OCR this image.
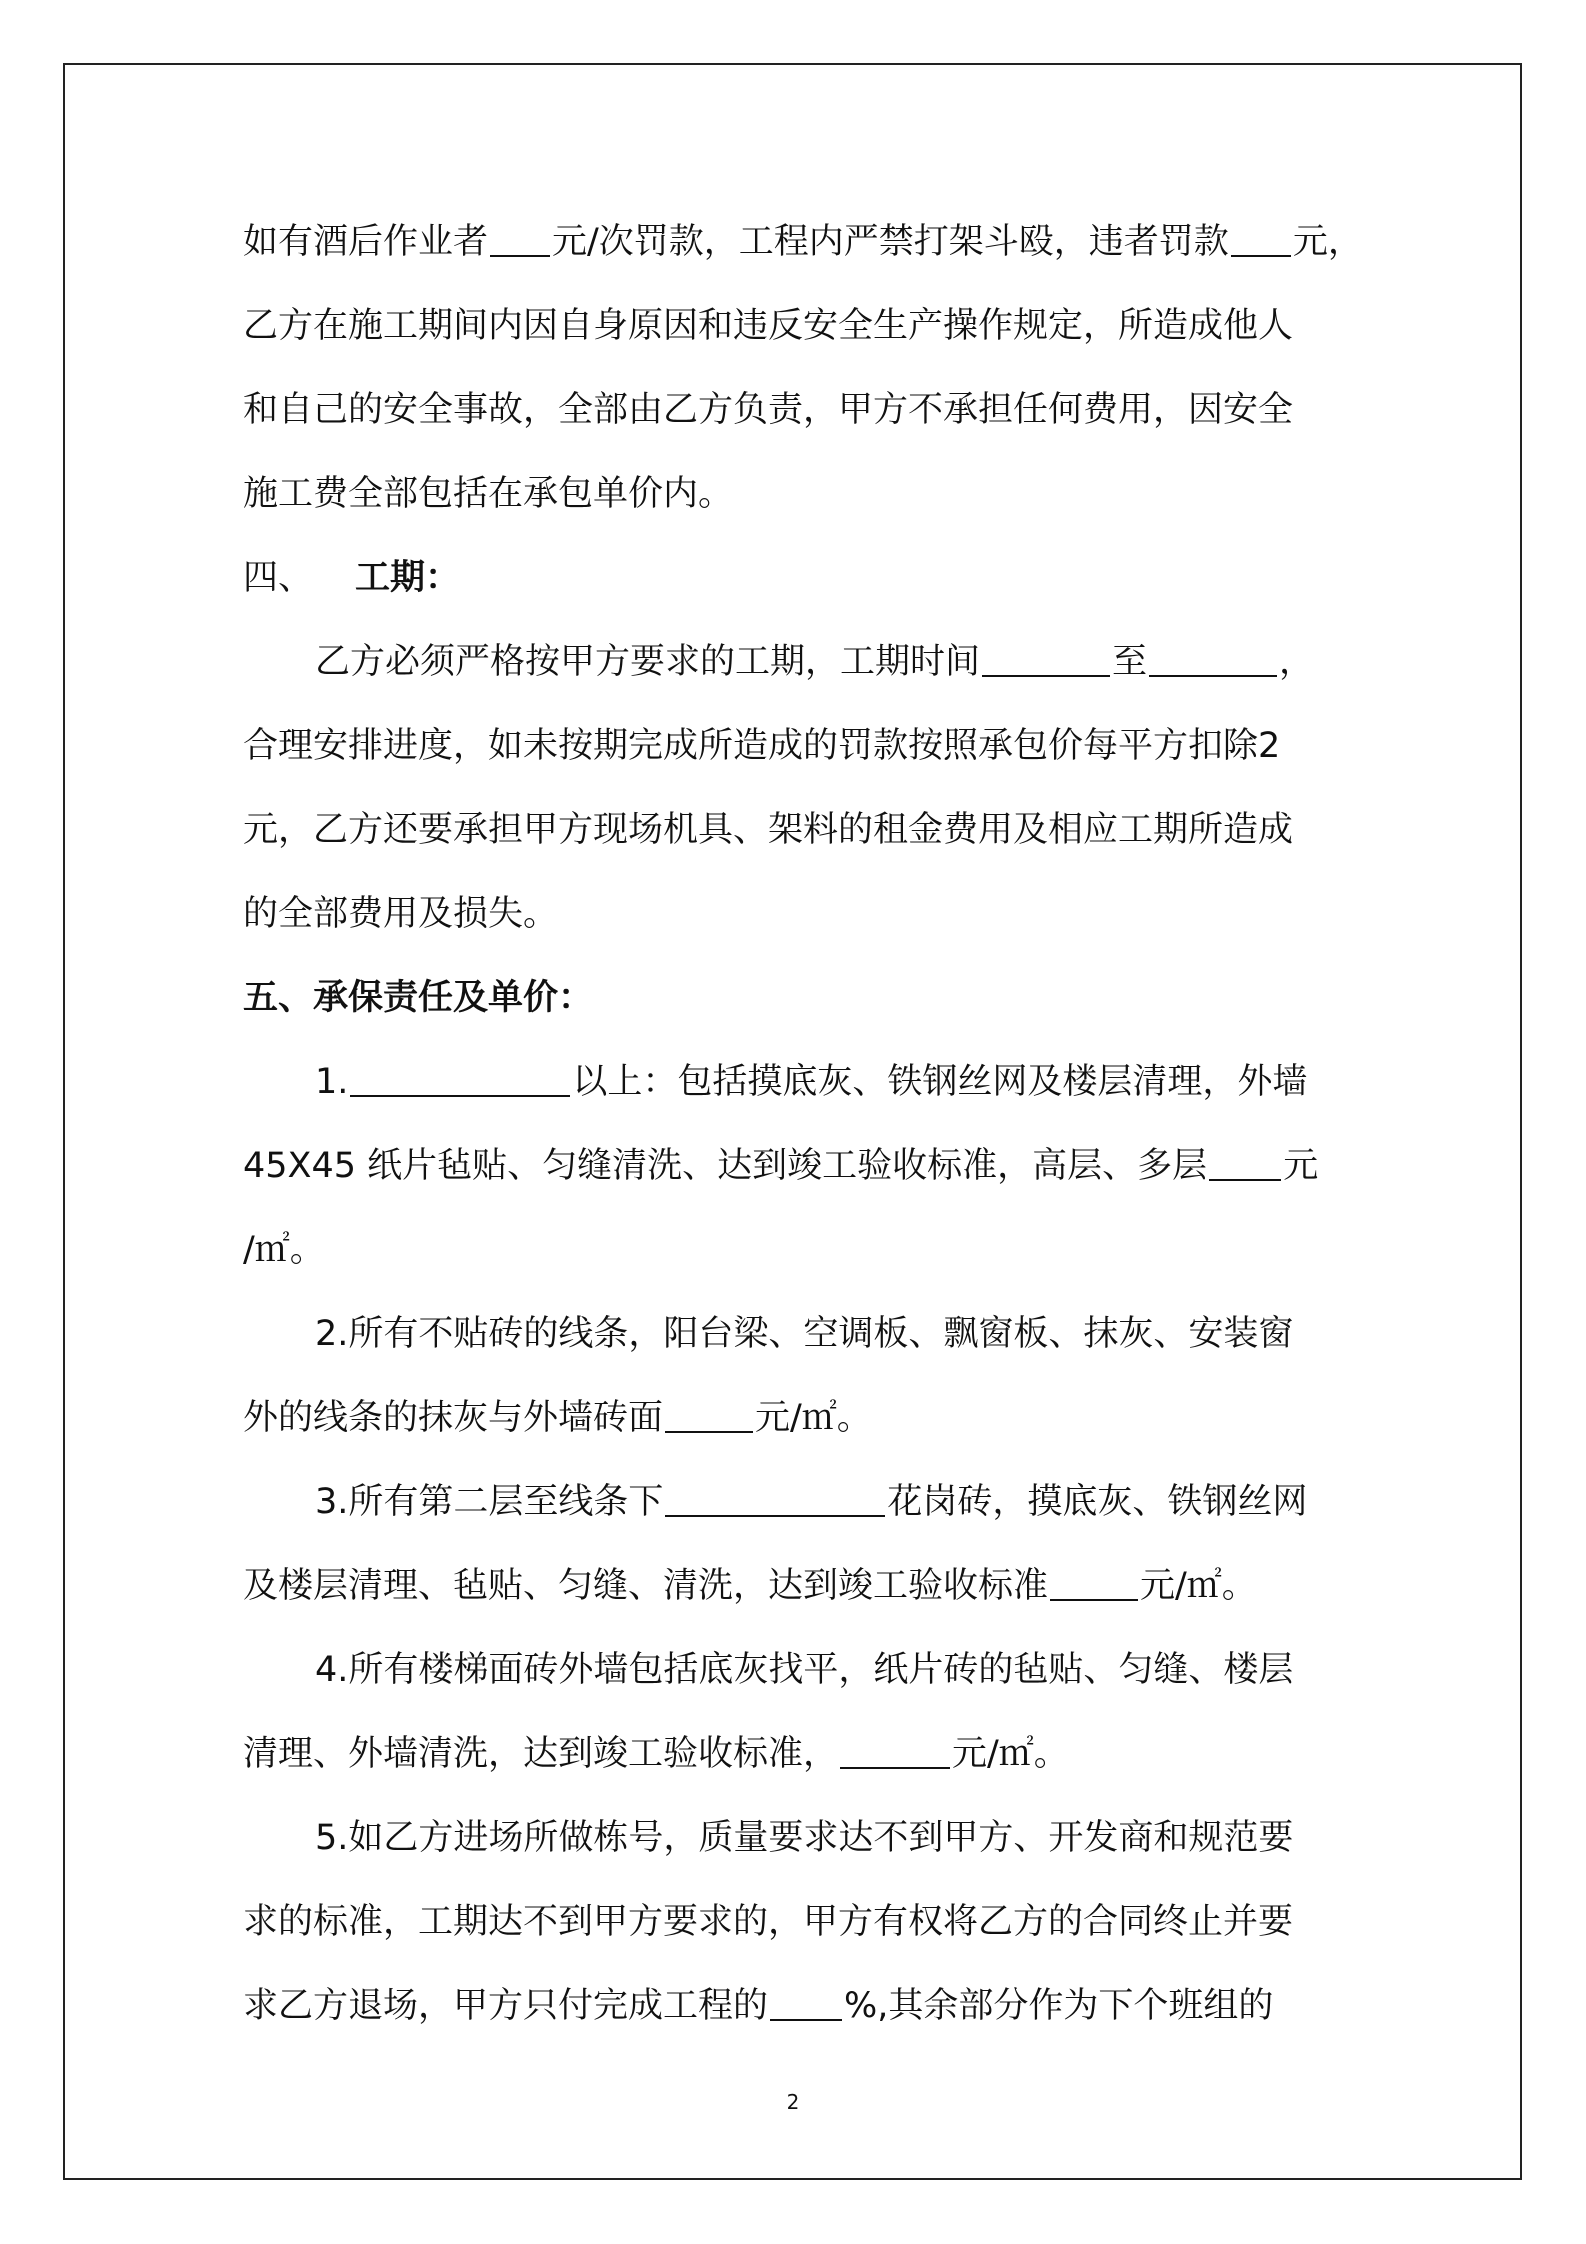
如有酒后作业者 元/次罚款，工程内严禁打架斗殴，违者罚款 元，
乙方在施工期间内因自身原因和违反安全生产操作规定，所造成他人
和自己的安全事故，全部由乙方负责，甲方不承担任何费用，因安全
施工费全部包括在承包单价内。
四、 工期：
乙方必须严格按甲方要求的工期，工期时间	至	，
合理安排进度，如未按期完成所造成的罚款按照承包价每平方扣除2
元，乙方还要承担甲方现场机具、架料的租金费用及相应工期所造成
的全部费用及损失。
五、承保责任及单价：
1.	以上：包括摸底灰、铁钢丝网及楼层清理，外墙
45X45 纸片毡贴、匀缝清洗、达到竣工验收标准，高层、多层 元
/㎡。
2.所有不贴砖的线条，阳台梁、空调板、飘窗板、抹灰、安装窗
外的线条的抹灰与外墙砖面	元/㎡。
3.所有第二层至线条下	花岗砖，摸底灰、铁钢丝网
及楼层清理、毡贴、匀缝、清洗，达到竣工验收标准	元/㎡。
4.所有楼梯面砖外墙包括底灰找平，纸片砖的毡贴、匀缝、楼层
清理、外墙清洗，达到竣工验收标准，	元/㎡。
5.如乙方进场所做栋号，质量要求达不到甲方、开发商和规范要
求的标准，工期达不到甲方要求的，甲方有权将乙方的合同终止并要
求乙方退场，甲方只付完成工程的 %,其余部分作为下个班组的
2
